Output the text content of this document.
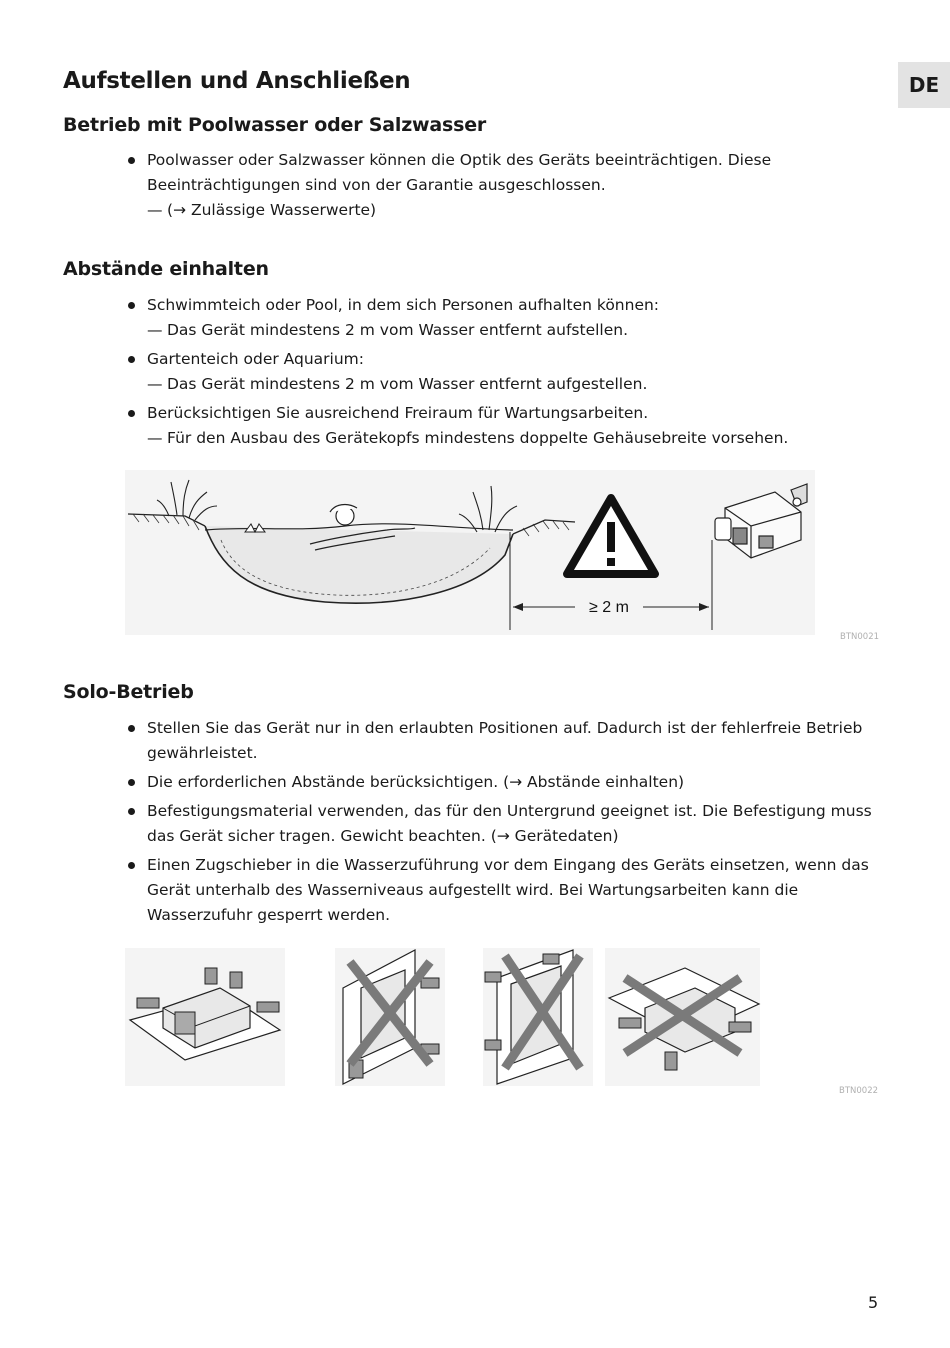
DE
Aufstellen und Anschließen
Betrieb mit Poolwasser oder Salzwasser
Poolwasser oder Salzwasser können die Optik des Geräts beeinträchtigen. Diese Beeinträchtigungen sind von der Garantie ausgeschlossen.
— (→ Zulässige Wasserwerte)
Abstände einhalten
Schwimmteich oder Pool, in dem sich Personen aufhalten können:
— Das Gerät mindestens 2 m vom Wasser entfernt aufstellen.
Gartenteich oder Aquarium:
— Das Gerät mindestens 2 m vom Wasser entfernt aufgestellen.
Berücksichtigen Sie ausreichend Freiraum für Wartungsarbeiten.
— Für den Ausbau des Gerätekopfs mindestens doppelte Gehäusebreite vorsehen.
≥ 2 m
BTN0021
Solo-Betrieb
Stellen Sie das Gerät nur in den erlaubten Positionen auf. Dadurch ist der fehlerfreie Betrieb gewährleistet.
Die erforderlichen Abstände berücksichtigen. (→ Abstände einhalten)
Befestigungsmaterial verwenden, das für den Untergrund geeignet ist. Die Befestigung muss das Gerät sicher tragen. Gewicht beachten. (→ Gerätedaten)
Einen Zugschieber in die Wasserzuführung vor dem Eingang des Geräts einsetzen, wenn das Gerät unterhalb des Wasserniveaus aufgestellt wird. Bei Wartungsarbeiten kann die Wasserzufuhr gesperrt werden.
BTN0022
5
